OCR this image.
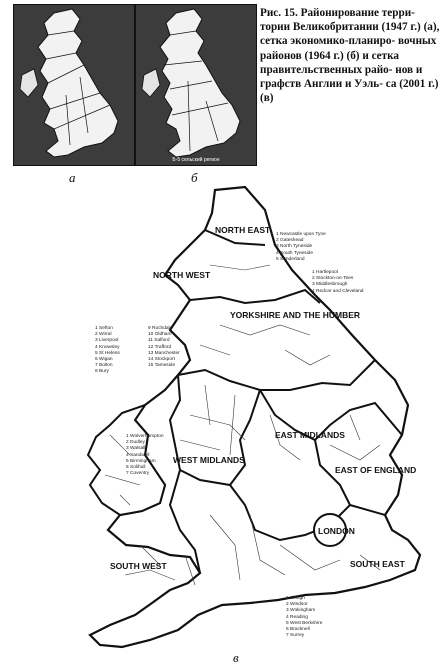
а
Б-5 сельский регион
б
Рис. 15. Районирование терри- тории Великобритании (1947 г.) (а), сетка экономико-планиро- вочных районов (1964 г.) (б) и сетка правительственных райо- нов и графств Англии и Уэль- са (2001 г.) (в)
NORTH EAST
NORTH WEST
YORKSHIRE AND THE HUMBER
EAST MIDLANDS
WEST MIDLANDS
EAST OF ENGLAND
LONDON
SOUTH EAST
SOUTH WEST
1 Newcastle upon Tyne
2 Gateshead
3 North Tyneside
4 South Tyneside
5 Sunderland
1 Hartlepool
2 Stockton-on-Tees
3 Middlesbrough
4 Redcar and Cleveland
1 Sefton
2 Wirral
3 Liverpool
4 Knowsley
5 St Helens
6 Wigan
7 Bolton
8 Bury
9 Rochdale
10 Oldham
11 Salford
12 Trafford
13 Manchester
14 Stockport
15 Tameside
1 Wolverhampton
2 Dudley
3 Walsall
4 Sandwell
5 Birmingham
6 Solihull
7 Coventry
1 Slough
2 Windsor
3 Wokingham
4 Reading
5 West Berkshire
6 Bracknell
7 Surrey
в
